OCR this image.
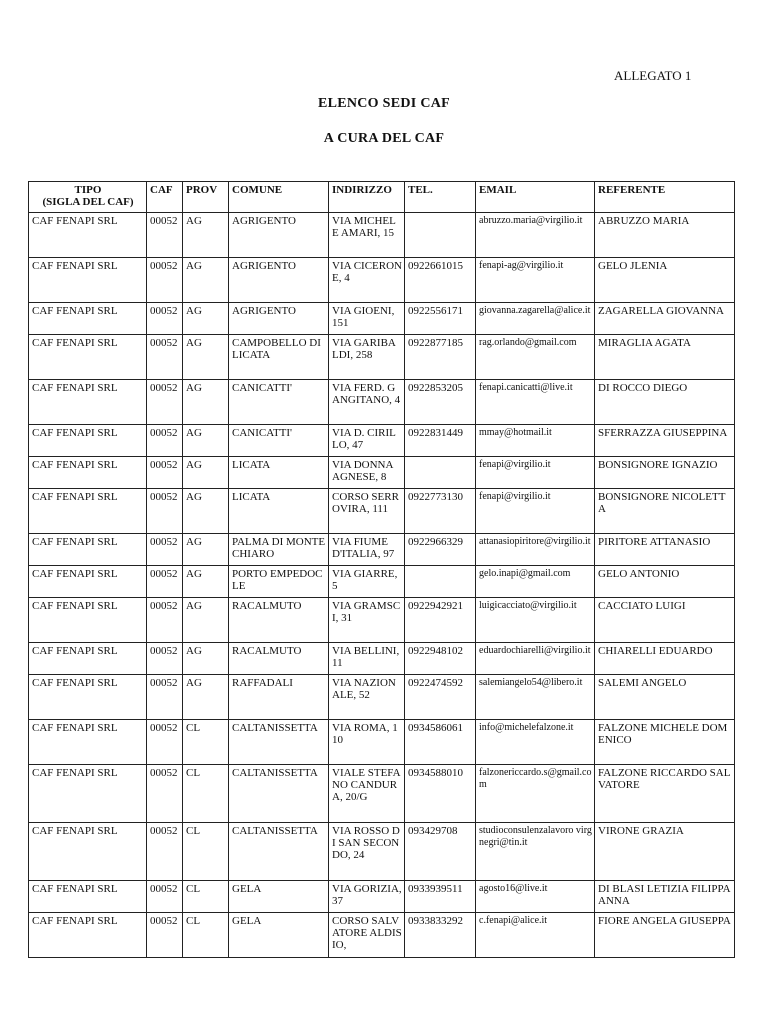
ALLEGATO 1
ELENCO SEDI CAF
A CURA DEL CAF
TIPO
(SIGLA DEL CAF)	CAF	PROV	COMUNE	INDIRIZZO	TEL.	EMAIL	REFERENTE
CAF FENAPI SRL	00052	AG	AGRIGENTO	VIA MICHELE AMARI, 15		abruzzo.maria@virgilio.it	ABRUZZO MARIA
CAF FENAPI SRL	00052	AG	AGRIGENTO	VIA CICERONE, 4	0922661015	fenapi-ag@virgilio.it	GELO JLENIA
CAF FENAPI SRL	00052	AG	AGRIGENTO	VIA GIOENI, 151	0922556171	giovanna.zagarella@alice.it	ZAGARELLA GIOVANNA
CAF FENAPI SRL	00052	AG	CAMPOBELLO DI LICATA	VIA GARIBALDI, 258	0922877185	rag.orlando@gmail.com	MIRAGLIA AGATA
CAF FENAPI SRL	00052	AG	CANICATTI'	VIA FERD. GANGITANO, 4	0922853205	fenapi.canicatti@live.it	DI ROCCO DIEGO
CAF FENAPI SRL	00052	AG	CANICATTI'	VIA D. CIRILLO, 47	0922831449	mmay@hotmail.it	SFERRAZZA GIUSEPPINA
CAF FENAPI SRL	00052	AG	LICATA	VIA DONNA AGNESE, 8		fenapi@virgilio.it	BONSIGNORE IGNAZIO
CAF FENAPI SRL	00052	AG	LICATA	CORSO SERROVIRA, 111	0922773130	fenapi@virgilio.it	BONSIGNORE NICOLETTA
CAF FENAPI SRL	00052	AG	PALMA DI MONTECHIARO	VIA FIUME D'ITALIA, 97	0922966329	attanasiopiritore@virgilio.it	PIRITORE ATTANASIO
CAF FENAPI SRL	00052	AG	PORTO EMPEDOCLE	VIA GIARRE, 5		gelo.inapi@gmail.com	GELO ANTONIO
CAF FENAPI SRL	00052	AG	RACALMUTO	VIA GRAMSCI, 31	0922942921	luigicacciato@virgilio.it	CACCIATO LUIGI
CAF FENAPI SRL	00052	AG	RACALMUTO	VIA BELLINI, 11	0922948102	eduardochiarelli@virgilio.it	CHIARELLI EDUARDO
CAF FENAPI SRL	00052	AG	RAFFADALI	VIA NAZIONALE, 52	0922474592	salemiangelo54@libero.it	SALEMI ANGELO
CAF FENAPI SRL	00052	CL	CALTANISSETTA	VIA ROMA, 110	0934586061	info@michelefalzone.it	FALZONE MICHELE DOMENICO
CAF FENAPI SRL	00052	CL	CALTANISSETTA	VIALE STEFANO CANDURA, 20/G	0934588010	falzonericcardo.s@gmail.com	FALZONE RICCARDO SALVATORE
CAF FENAPI SRL	00052	CL	CALTANISSETTA	VIA ROSSO DI SAN SECONDO, 24	093429708	studioconsulenzalavoro virgnegri@tin.it	VIRONE GRAZIA
CAF FENAPI SRL	00052	CL	GELA	VIA GORIZIA, 37	0933939511	agosto16@live.it	DI BLASI LETIZIA FILIPPA ANNA
CAF FENAPI SRL	00052	CL	GELA	CORSO SALVATORE ALDISIO,	0933833292	c.fenapi@alice.it	FIORE ANGELA GIUSEPPA
